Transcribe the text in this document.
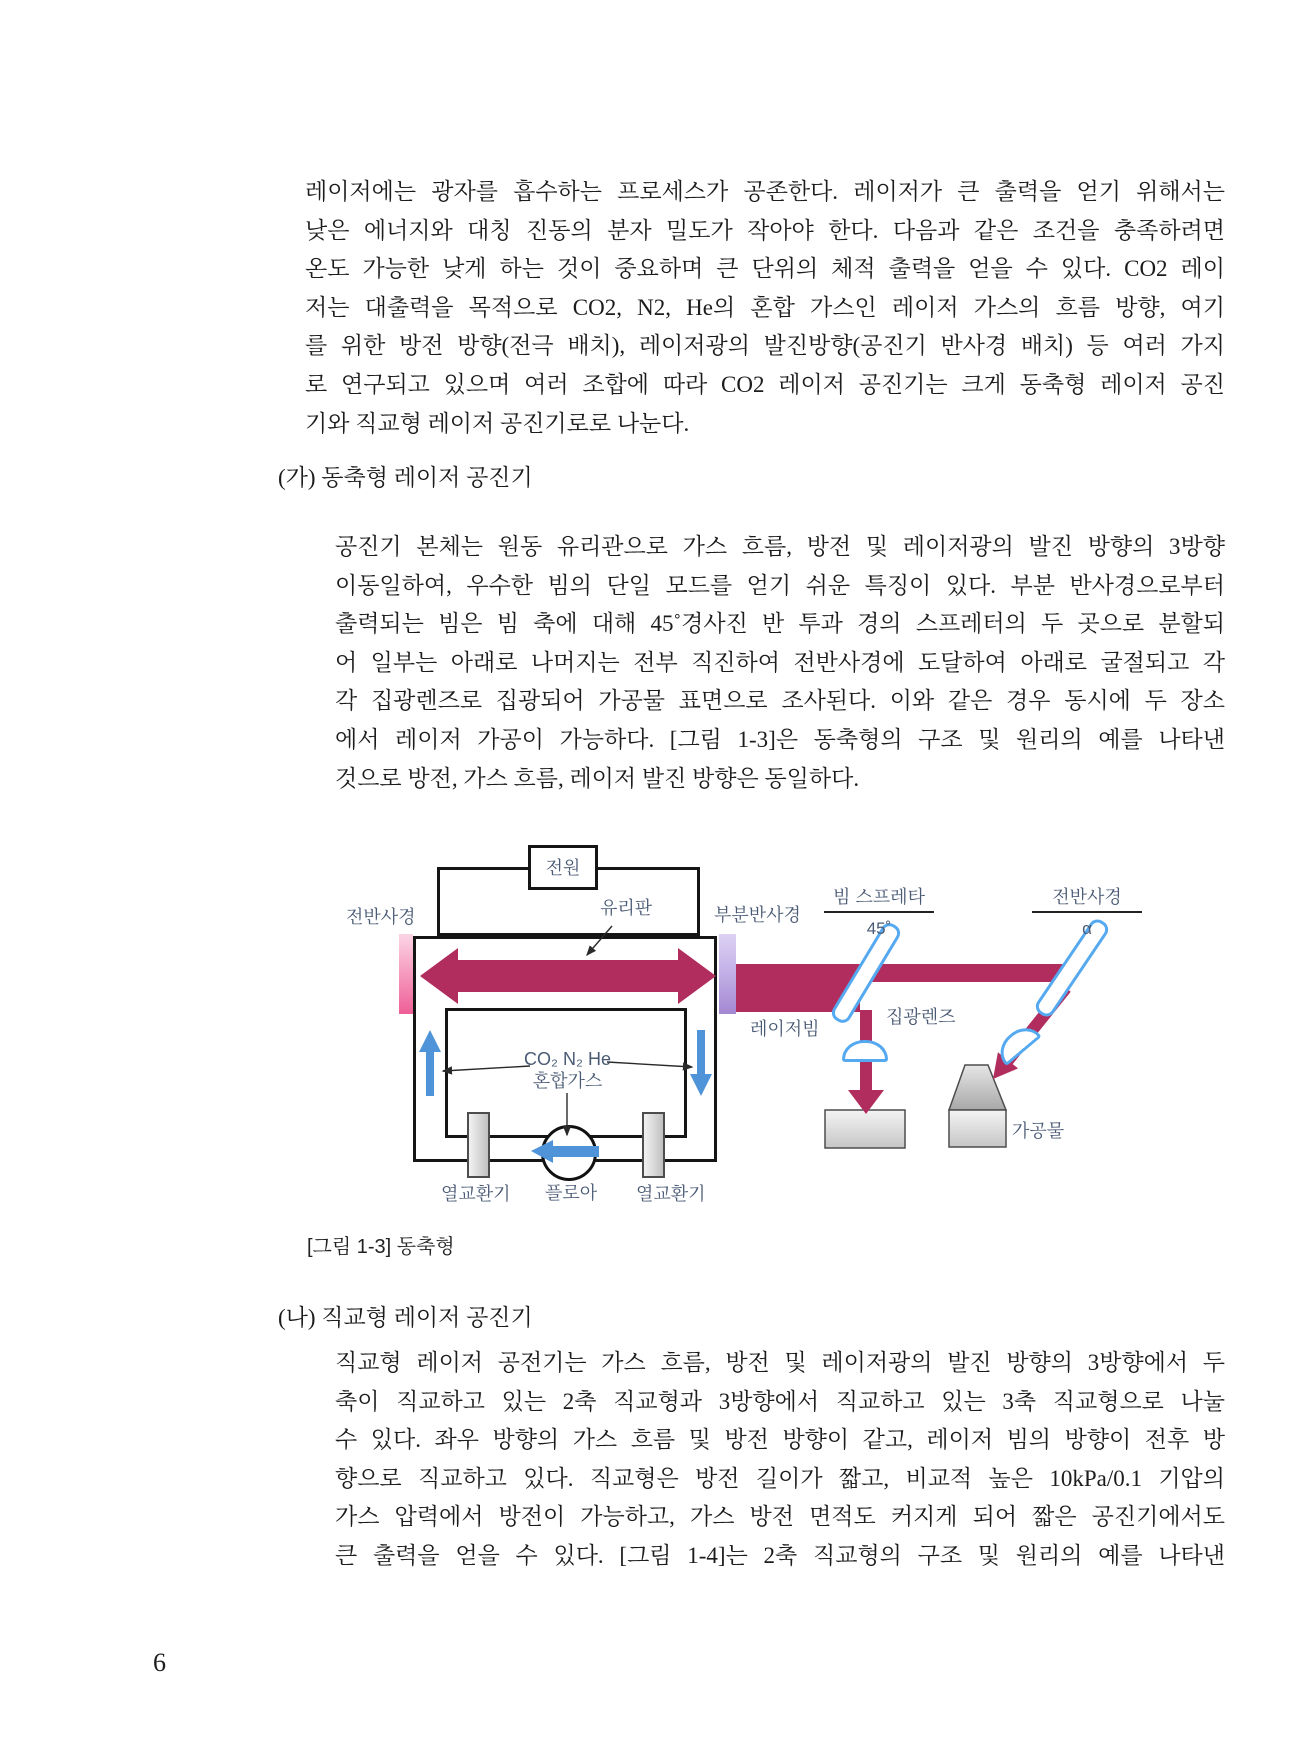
레이저에는 광자를 흡수하는 프로세스가 공존한다. 레이저가 큰 출력을 얻기 위해서는
낮은 에너지와 대칭 진동의 분자 밀도가 작아야 한다. 다음과 같은 조건을 충족하려면
온도 가능한 낮게 하는 것이 중요하며 큰 단위의 체적 출력을 얻을 수 있다. CO2 레이
저는 대출력을 목적으로 CO2, N2, He의 혼합 가스인 레이저 가스의 흐름 방향, 여기
를 위한 방전 방향(전극 배치), 레이저광의 발진방향(공진기 반사경 배치) 등 여러 가지
로 연구되고 있으며 여러 조합에 따라 CO2 레이저 공진기는 크게 동축형 레이저 공진
기와 직교형 레이저 공진기로로 나눈다.
(가) 동축형 레이저 공진기
공진기 본체는 원동 유리관으로 가스 흐름, 방전 및 레이저광의 발진 방향의 3방향
이동일하여, 우수한 빔의 단일 모드를 얻기 쉬운 특징이 있다. 부분 반사경으로부터
출력되는 빔은 빔 축에 대해 45˚경사진 반 투과 경의 스프레터의 두 곳으로 분할되
어 일부는 아래로 나머지는 전부 직진하여 전반사경에 도달하여 아래로 굴절되고 각
각 집광렌즈로 집광되어 가공물 표면으로 조사된다. 이와 같은 경우 동시에 두 장소
에서 레이저 가공이 가능하다. [그림 1-3]은 동축형의 구조 및 원리의 예를 나타낸
것으로 방전, 가스 흐름, 레이저 발진 방향은 동일하다.
전원
유리판
전반사경	부분반사경
빔 스프레타
45˚
전반사경
α
레이저빔
집광렌즈
가공물
CO₂ N₂ He
혼합가스
열교환기 플로아 열교환기
[그림 1-3] 동축형
(나) 직교형 레이저 공진기
직교형 레이저 공전기는 가스 흐름, 방전 및 레이저광의 발진 방향의 3방향에서 두
축이 직교하고 있는 2축 직교형과 3방향에서 직교하고 있는 3축 직교형으로 나눌
수 있다. 좌우 방향의 가스 흐름 및 방전 방향이 같고, 레이저 빔의 방향이 전후 방
향으로 직교하고 있다. 직교형은 방전 길이가 짧고, 비교적 높은 10kPa/0.1 기압의
가스 압력에서 방전이 가능하고, 가스 방전 면적도 커지게 되어 짧은 공진기에서도
큰 출력을 얻을 수 있다. [그림 1-4]는 2축 직교형의 구조 및 원리의 예를 나타낸
6
